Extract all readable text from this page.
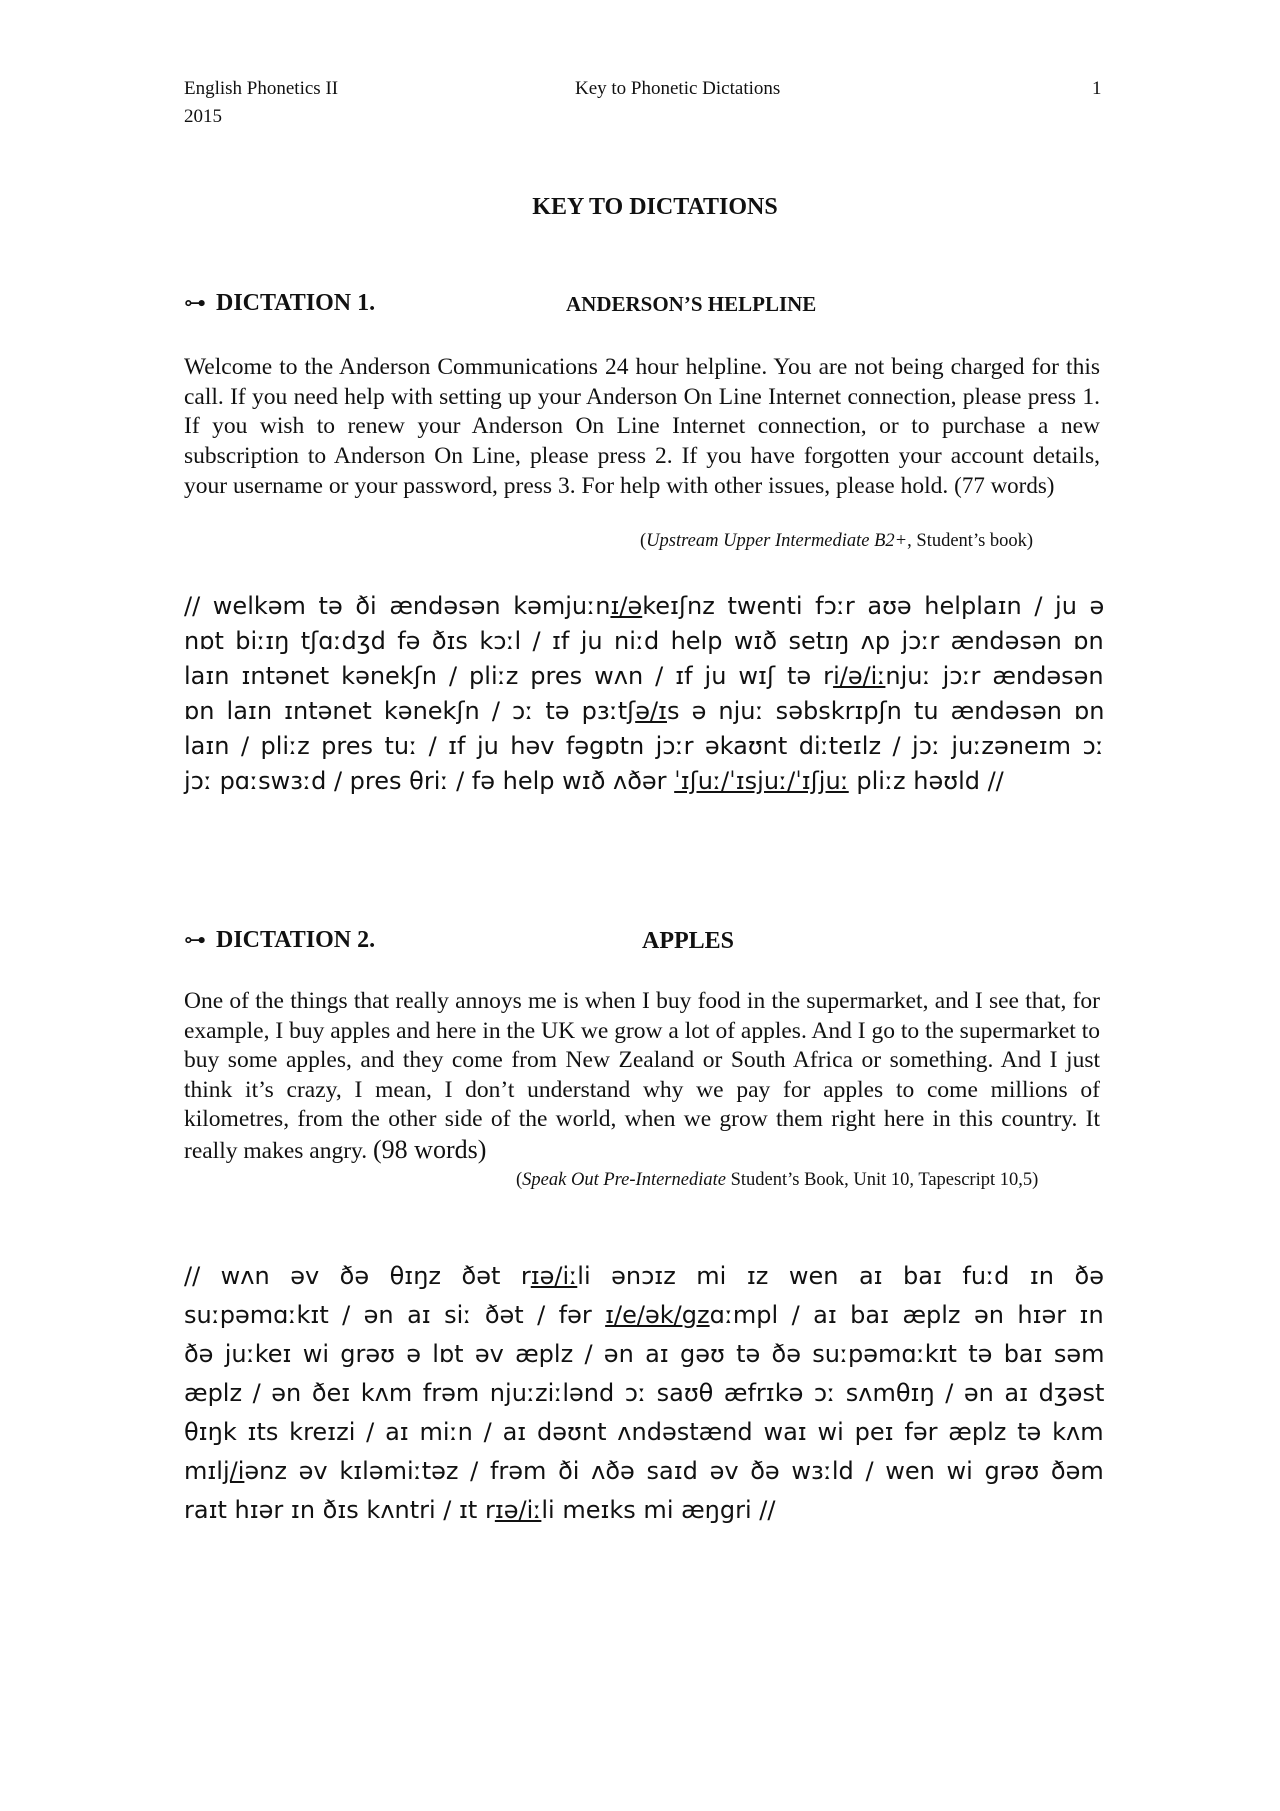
English Phonetics II	Key to Phonetic Dictations	1
2015
KEY TO DICTATIONS
⊶ DICTATION 1.	ANDERSON’S HELPLINE
Welcome to the Anderson Communications 24 hour helpline. You are not being charged for this call. If you need help with setting up your Anderson On Line Internet connection, please press 1. If you wish to renew your Anderson On Line Internet connection, or to purchase a new subscription to Anderson On Line, please press 2. If you have forgotten your account details, your username or your password, press 3. For help with other issues, please hold. (77 words)
(Upstream Upper Intermediate B2+, Student’s book)
// welkəm tə ði ændəsən kəmjuːnɪ/əkeɪʃnz twenti fɔːr aʊə helplaɪn / ju ə
nɒt biːɪŋ tʃɑːdʒd fə ðɪs kɔːl / ɪf ju niːd help wɪð setɪŋ ʌp jɔːr ændəsən ɒn
laɪn ɪntənet kənekʃn / pliːz pres wʌn / ɪf ju wɪʃ tə ri/ə/iːnjuː jɔːr ændəsən
ɒn laɪn ɪntənet kənekʃn / ɔː tə pɜːtʃə/ɪs ə njuː səbskrɪpʃn tu ændəsən ɒn
laɪn / pliːz pres tuː / ɪf ju həv fəgɒtn jɔːr əkaʊnt diːteɪlz / jɔː juːzəneɪm ɔː
jɔː pɑːswɜːd / pres θriː / fə help wɪð ʌðər ˈɪʃuː/ˈɪsjuː/ˈɪʃjuː pliːz həʊld //
⊶ DICTATION 2.	APPLES
One of the things that really annoys me is when I buy food in the supermarket, and I see that, for example, I buy apples and here in the UK we grow a lot of apples. And I go to the supermarket to buy some apples, and they come from New Zealand or South Africa or something. And I just think it’s crazy, I mean, I don’t understand why we pay for apples to come millions of kilometres, from the other side of the world, when we grow them right here in this country. It really makes angry. (98 words)
(Speak Out Pre-Internediate Student’s Book, Unit 10, Tapescript 10,5)
// wʌn əv ðə θɪŋz ðət rɪə/iːli ənɔɪz mi ɪz wen aɪ baɪ fuːd ɪn ðə
suːpəmɑːkɪt / ən aɪ siː ðət / fər ɪ/e/ək/gzɑːmpl / aɪ baɪ æplz ən hɪər ɪn
ðə juːkeɪ wi grəʊ ə lɒt əv æplz / ən aɪ gəʊ tə ðə suːpəmɑːkɪt tə baɪ səm
æplz / ən ðeɪ kʌm frəm njuːziːlənd ɔː saʊθ æfrɪkə ɔː sʌmθɪŋ / ən aɪ dʒəst
θɪŋk ɪts kreɪzi / aɪ miːn / aɪ dəʊnt ʌndəstænd waɪ wi peɪ fər æplz tə kʌm
mɪlj/iənz əv kɪləmiːtəz / frəm ði ʌðə saɪd əv ðə wɜːld / wen wi grəʊ ðəm
raɪt hɪər ɪn ðɪs kʌntri / ɪt rɪə/iːli meɪks mi æŋgri //
